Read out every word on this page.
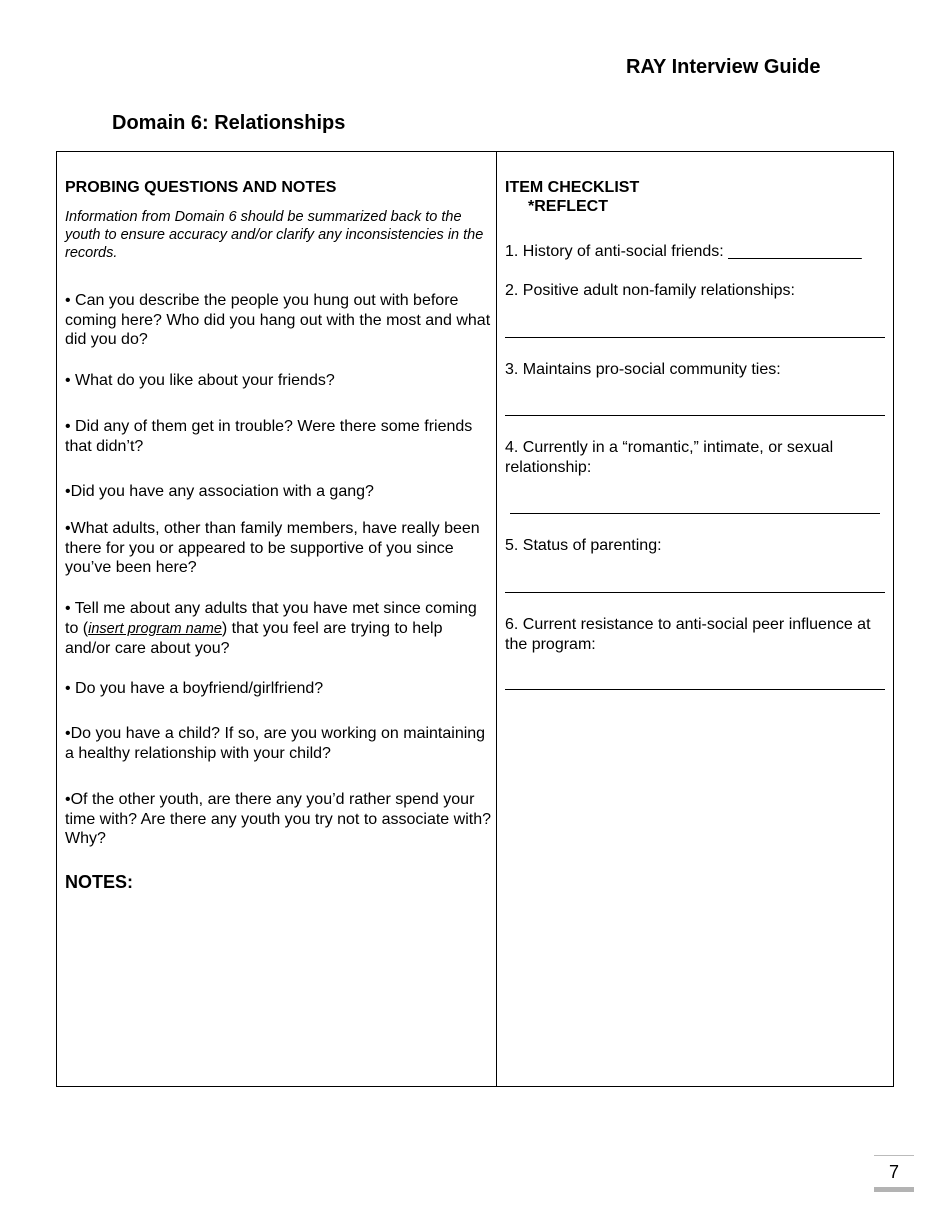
RAY Interview Guide
Domain 6: Relationships
PROBING QUESTIONS AND NOTES
Information from Domain 6 should be summarized back to the youth to ensure accuracy and/or clarify any inconsistencies in the records.
• Can you describe the people you hung out with before coming here? Who did you hang out with the most and what did you do?
• What do you like about your friends?
• Did any of them get in trouble? Were there some friends that didn’t?
•Did you have any association with a gang?
•What adults, other than family members, have really been there for you or appeared to be supportive of you since you’ve been here?
• Tell me about any adults that you have met since coming to (insert program name) that you feel are trying to help and/or care about you?
• Do you have a boyfriend/girlfriend?
•Do you have a child? If so, are you working on maintaining a healthy relationship with your child?
•Of the other youth, are there any you’d rather spend your time with? Are there any youth you try not to associate with? Why?
NOTES:
ITEM CHECKLIST
*REFLECT
1. History of anti-social friends: _______________
2. Positive adult non-family relationships:
3. Maintains pro-social community ties:
4. Currently in a “romantic,” intimate, or sexual relationship:
5. Status of parenting:
6. Current resistance to anti-social peer influence at the program:
7
